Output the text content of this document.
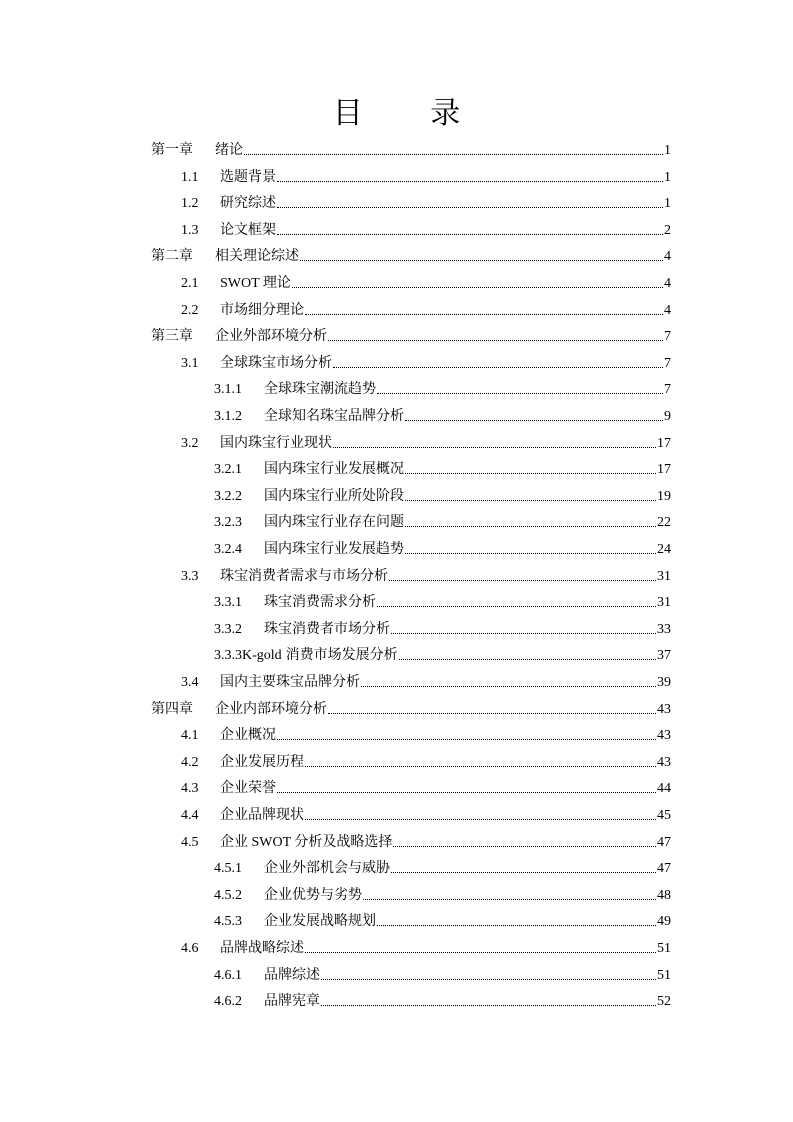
目 录
第一章 绪论	1
1.1 选题背景	1
1.2 研究综述	1
1.3 论文框架	2
第二章 相关理论综述	4
2.1 SWOT 理论	4
2.2 市场细分理论	4
第三章 企业外部环境分析	7
3.1 全球珠宝市场分析	7
3.1.1 全球珠宝潮流趋势	7
3.1.2 全球知名珠宝品牌分析	9
3.2 国内珠宝行业现状	17
3.2.1 国内珠宝行业发展概况	17
3.2.2 国内珠宝行业所处阶段	19
3.2.3 国内珠宝行业存在问题	22
3.2.4 国内珠宝行业发展趋势	24
3.3 珠宝消费者需求与市场分析	31
3.3.1 珠宝消费需求分析	31
3.3.2 珠宝消费者市场分析	33
3.3.3K-gold 消费市场发展分析	37
3.4 国内主要珠宝品牌分析	39
第四章 企业内部环境分析	43
4.1 企业概况	43
4.2 企业发展历程	43
4.3 企业荣誉	44
4.4 企业品牌现状	45
4.5 企业 SWOT 分析及战略选择	47
4.5.1 企业外部机会与威胁	47
4.5.2 企业优势与劣势	48
4.5.3 企业发展战略规划	49
4.6 品牌战略综述	51
4.6.1 品牌综述	51
4.6.2 品牌宪章	52
